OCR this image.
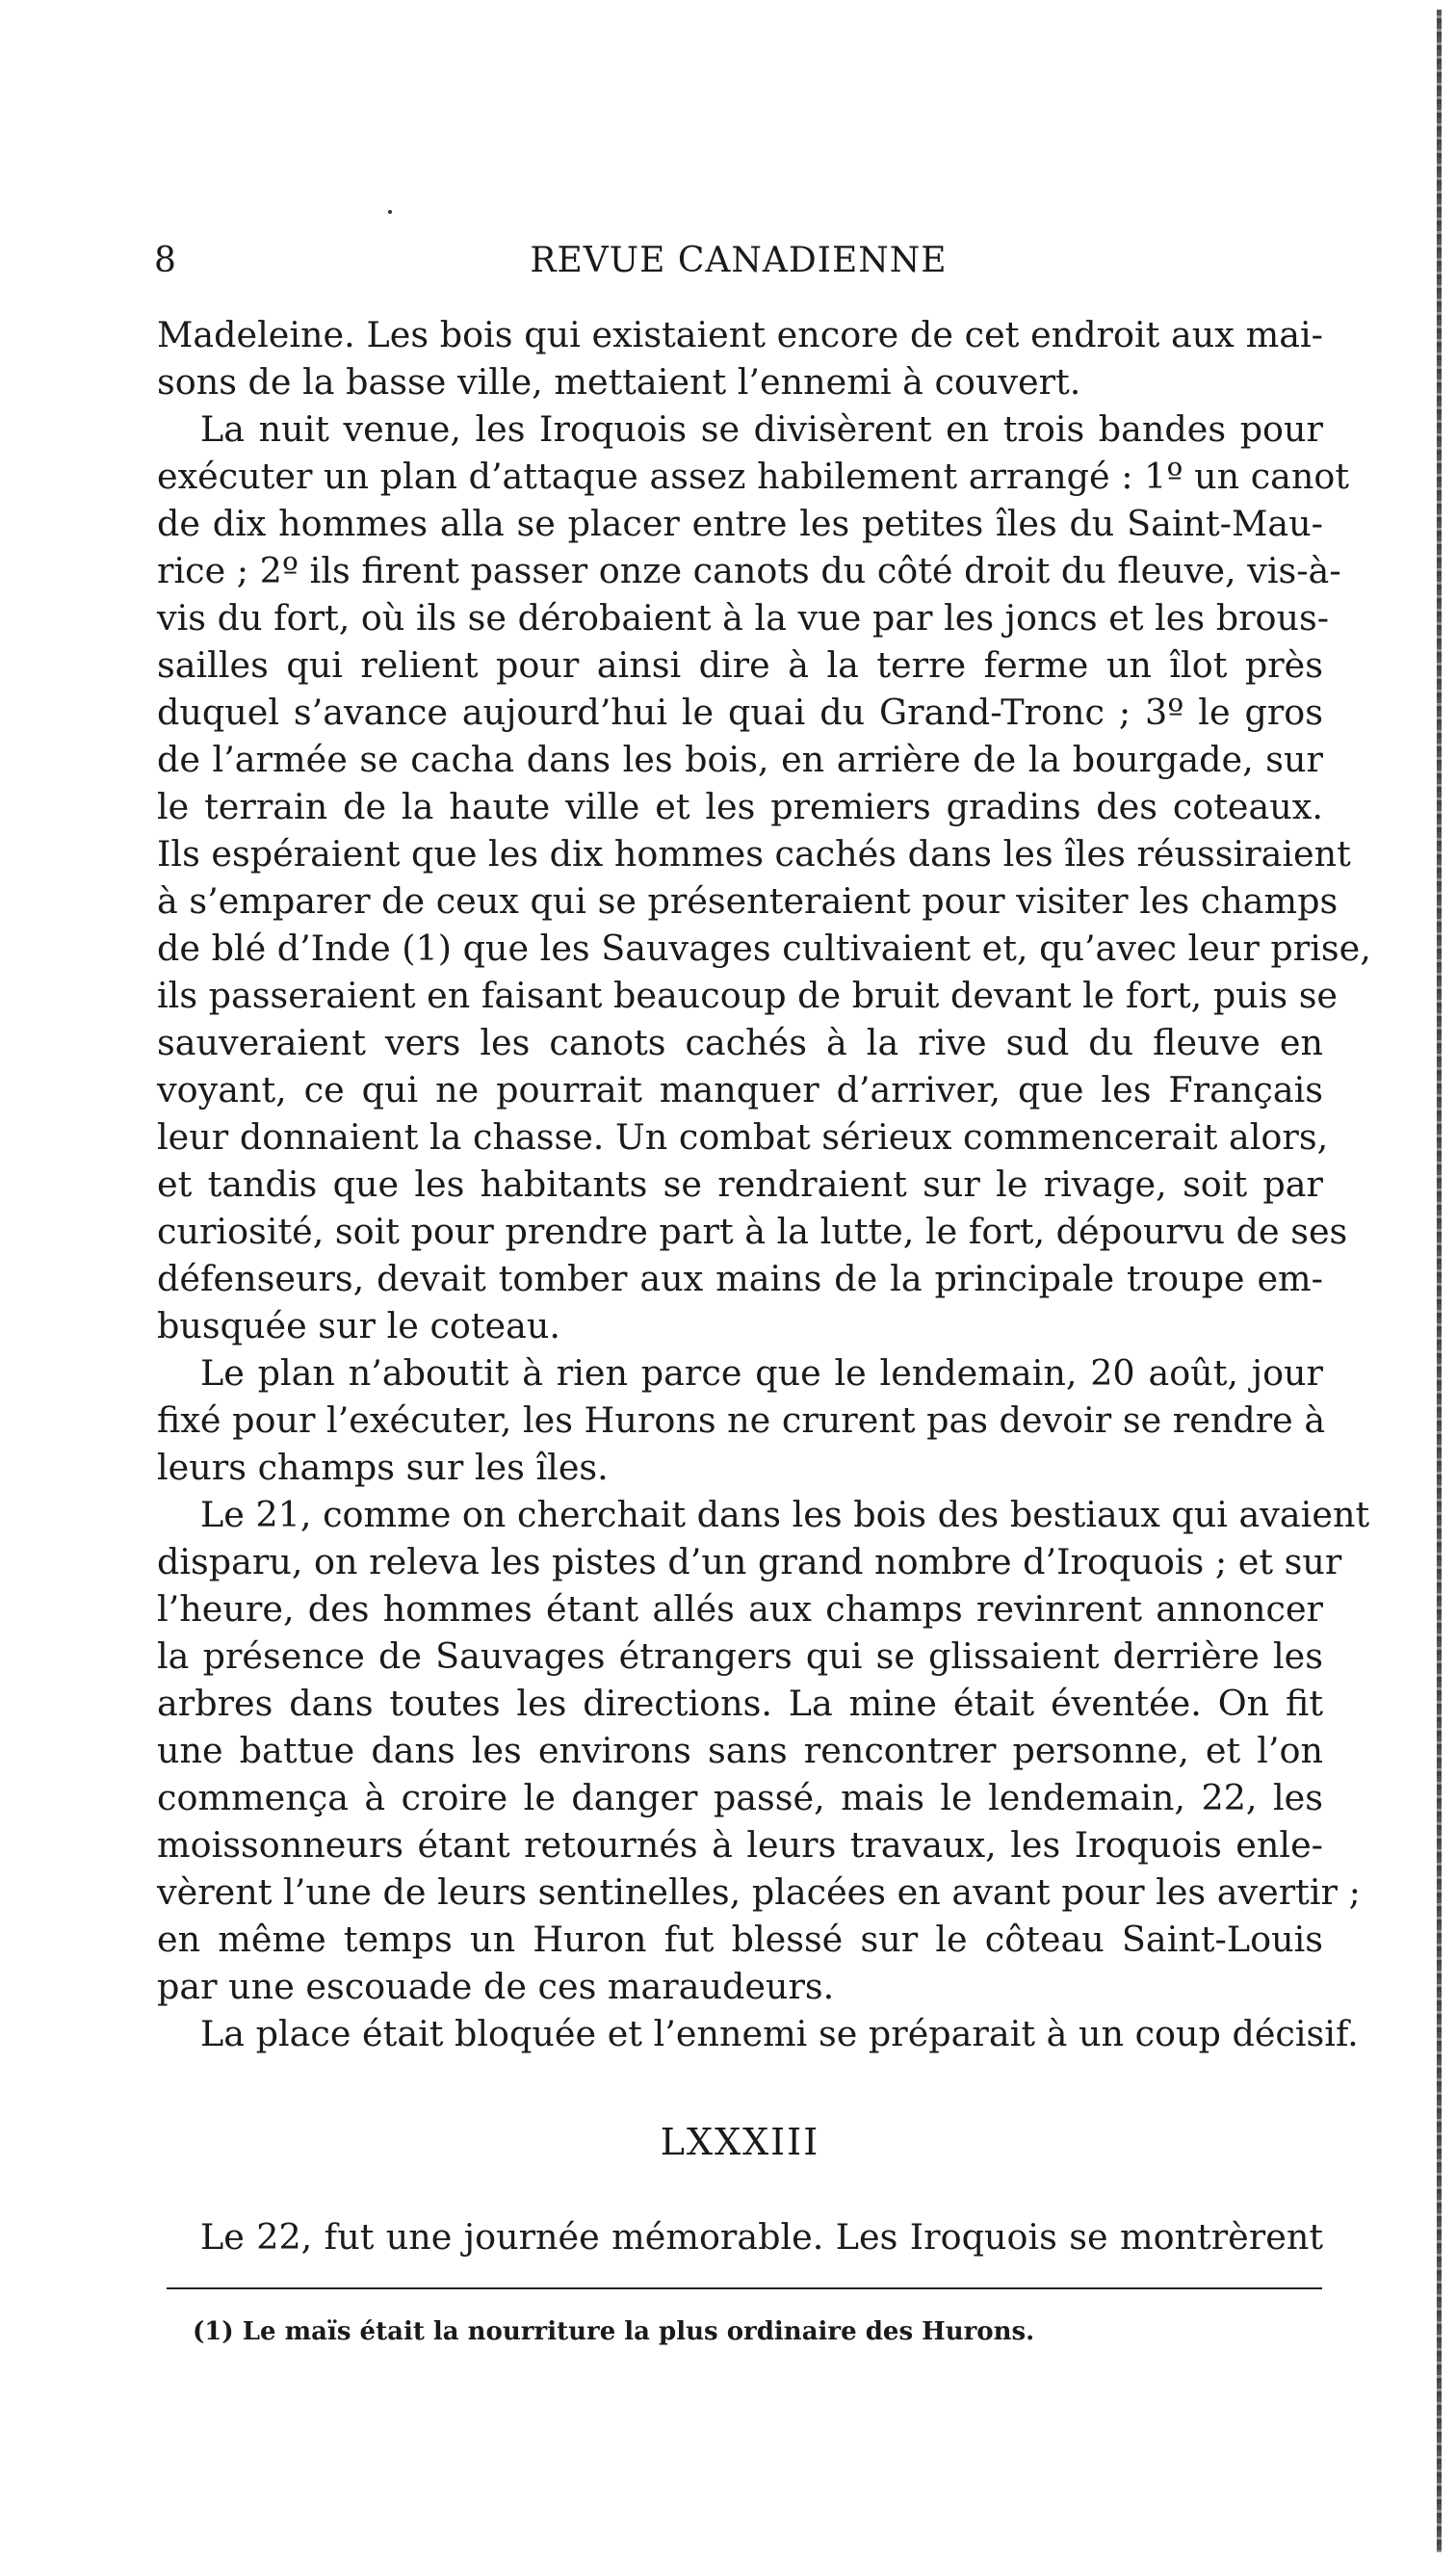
8	REVUE CANADIENNE
Madeleine. Les bois qui existaient encore de cet endroit aux mai-
sons de la basse ville, mettaient l’ennemi à couvert.
La nuit venue, les Iroquois se divisèrent en trois bandes pour
exécuter un plan d’attaque assez habilement arrangé : 1º un canot
de dix hommes alla se placer entre les petites îles du Saint-Mau-
rice ; 2º ils firent passer onze canots du côté droit du fleuve, vis-à-
vis du fort, où ils se dérobaient à la vue par les joncs et les brous-
sailles qui relient pour ainsi dire à la terre ferme un îlot près
duquel s’avance aujourd’hui le quai du Grand-Tronc ; 3º le gros
de l’armée se cacha dans les bois, en arrière de la bourgade, sur
le terrain de la haute ville et les premiers gradins des coteaux.
Ils espéraient que les dix hommes cachés dans les îles réussiraient
à s’emparer de ceux qui se présenteraient pour visiter les champs
de blé d’Inde (1) que les Sauvages cultivaient et, qu’avec leur prise,
ils passeraient en faisant beaucoup de bruit devant le fort, puis se
sauveraient vers les canots cachés à la rive sud du fleuve en
voyant, ce qui ne pourrait manquer d’arriver, que les Français
leur donnaient la chasse. Un combat sérieux commencerait alors,
et tandis que les habitants se rendraient sur le rivage, soit par
curiosité, soit pour prendre part à la lutte, le fort, dépourvu de ses
défenseurs, devait tomber aux mains de la principale troupe em-
busquée sur le coteau.
Le plan n’aboutit à rien parce que le lendemain, 20 août, jour
fixé pour l’exécuter, les Hurons ne crurent pas devoir se rendre à
leurs champs sur les îles.
Le 21, comme on cherchait dans les bois des bestiaux qui avaient
disparu, on releva les pistes d’un grand nombre d’Iroquois ; et sur
l’heure, des hommes étant allés aux champs revinrent annoncer
la présence de Sauvages étrangers qui se glissaient derrière les
arbres dans toutes les directions. La mine était éventée. On fit
une battue dans les environs sans rencontrer personne, et l’on
commença à croire le danger passé, mais le lendemain, 22, les
moissonneurs étant retournés à leurs travaux, les Iroquois enle-
vèrent l’une de leurs sentinelles, placées en avant pour les avertir ;
en même temps un Huron fut blessé sur le côteau Saint-Louis
par une escouade de ces maraudeurs.
La place était bloquée et l’ennemi se préparait à un coup décisif.
LXXXIII
Le 22, fut une journée mémorable. Les Iroquois se montrèrent
(1) Le maïs était la nourriture la plus ordinaire des Hurons.
